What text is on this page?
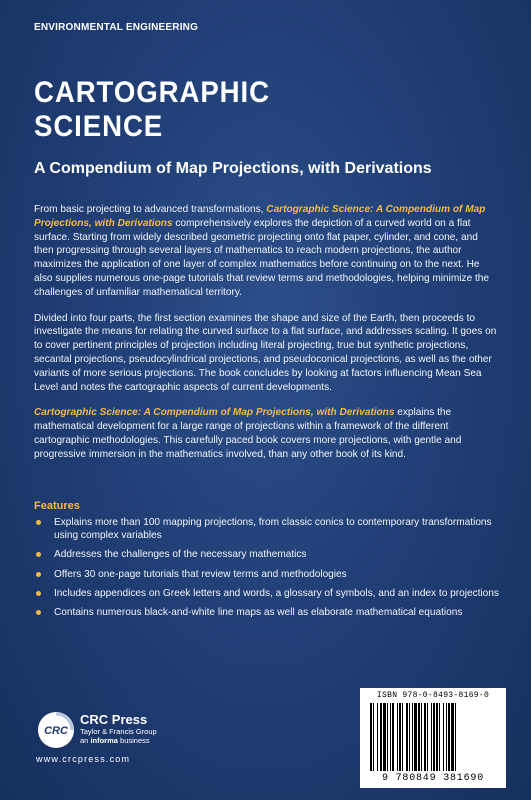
ENVIRONMENTAL ENGINEERING
CARTOGRAPHIC
SCIENCE
A Compendium of Map Projections, with Derivations

From basic projecting to advanced transformations, Cartographic Science: A Compendium of Map Projections, with Derivations comprehensively explores the depiction of a curved world on a flat surface. Starting from widely described geometric projecting onto flat paper, cylinder, and cone, and then progressing through several layers of mathematics to reach modern projections, the author maximizes the application of one layer of complex mathematics before continuing on to the next. He also supplies numerous one-page tutorials that review terms and methodologies, helping minimize the challenges of unfamiliar mathematical territory.

Divided into four parts, the first section examines the shape and size of the Earth, then proceeds to investigate the means for relating the curved surface to a flat surface, and addresses scaling. It goes on to cover pertinent principles of projection including literal projecting, true but synthetic projections, secantal projections, pseudocylindrical projections, and pseudoconical projections, as well as the other variants of more serious projections. The book concludes by looking at factors influencing Mean Sea Level and notes the cartographic aspects of current developments.

Cartographic Science: A Compendium of Map Projections, with Derivations explains the mathematical development for a large range of projections within a framework of the different cartographic methodologies. This carefully paced book covers more projections, with gentle and progressive immersion in the mathematics involved, than any other book of its kind.

Features
Explains more than 100 mapping projections, from classic conics to contemporary transformations using complex variables
Addresses the challenges of the necessary mathematics
Offers 30 one-page tutorials that review terms and methodologies
Includes appendices on Greek letters and words, a glossary of symbols, and an index to projections
Contains numerous black-and-white line maps as well as elaborate mathematical equations
CRC
CRC Press
Taylor & Francis Group
an informa business
www.crcpress.com
ISBN 978-0-8493-8169-0
9 780849 381690
